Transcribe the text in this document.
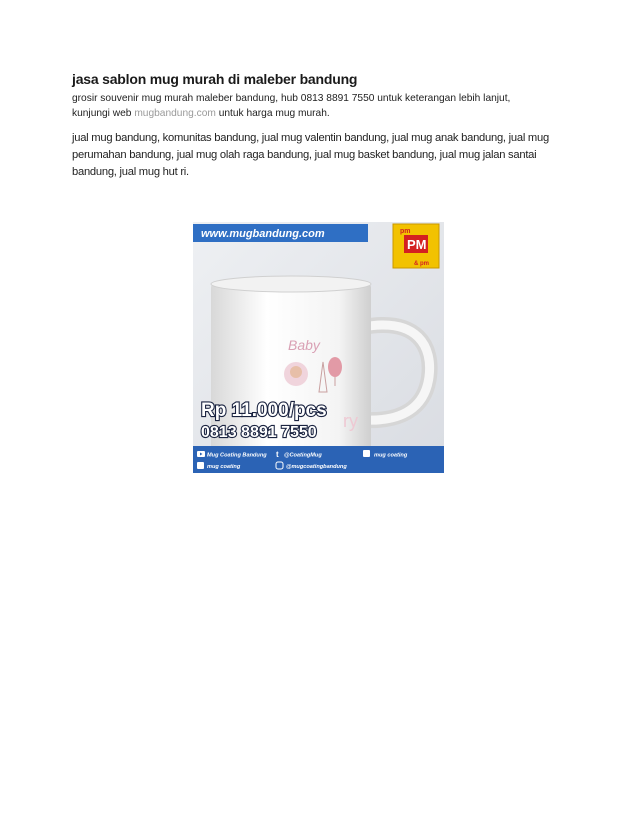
jasa sablon mug murah di maleber bandung
grosir souvenir mug murah maleber bandung, hub 0813 8891 7550 untuk keterangan lebih lanjut, kunjungi web mugbandung.com untuk harga mug murah.
jual mug bandung, komunitas bandung, jual mug valentin bandung, jual mug anak bandung, jual mug perumahan bandung, jual mug olah raga bandung, jual mug basket bandung, jual mug jalan santai bandung, jual mug hut ri.
www.mugbandung.com	pm
PM
& pm
Baby
ry
Rp 11.000/pcs
0813 8891 7550
Mug Coating Bandung t @CoatingMug	mug coating
mug coating	@mugcoatingbandung
